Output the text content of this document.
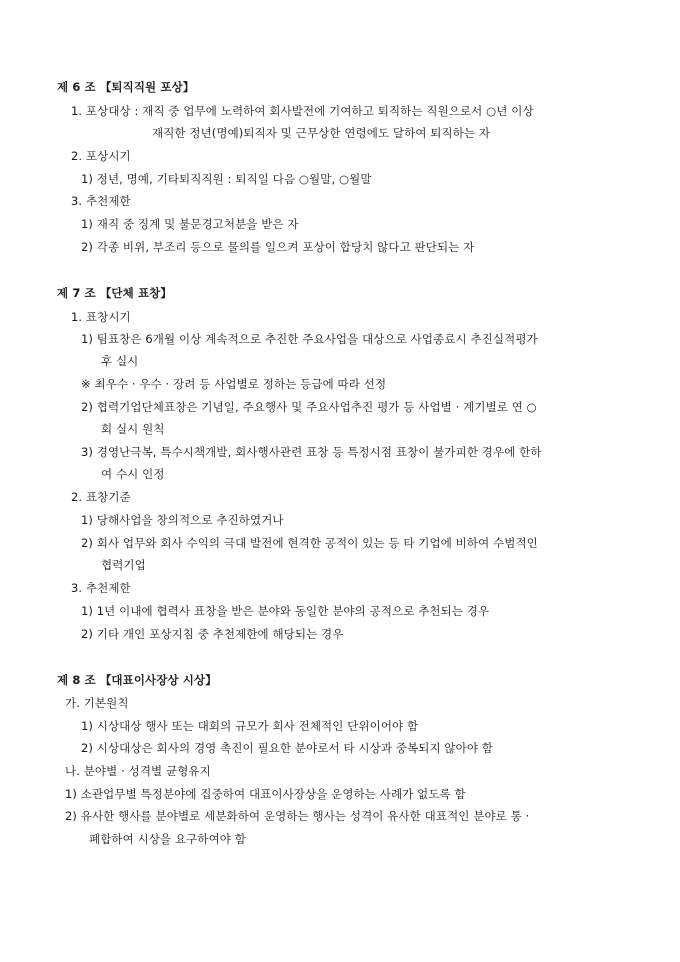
제 6 조 【퇴직직원 포상】
1. 포상대상 : 재직 중 업무에 노력하여 회사발전에 기여하고 퇴직하는 직원으로서 ○년 이상
재직한 정년(명예)퇴직자 및 근무상한 연령에도 달하여 퇴직하는 자
2. 포상시기
1) 정년, 명예, 기타퇴직직원 : 퇴직일 다음 ○월말, ○월말
3. 추천제한
1) 재직 중 징계 및 불문경고처분을 받은 자
2) 각종 비위, 부조리 등으로 물의를 일으켜 포상이 합당치 않다고 판단되는 자
제 7 조 【단체 표창】
1. 표창시기
1) 팀표창은 6개월 이상 계속적으로 추진한 주요사업을 대상으로 사업종료시 추진실적평가
후 실시
※ 최우수 · 우수 · 장려 등 사업별로 정하는 등급에 따라 선정
2) 협력기업단체표창은 기념일, 주요행사 및 주요사업추진 평가 등 사업별 · 계기별로 연 ○
회 실시 원칙
3) 경영난극복, 특수시책개발, 회사행사관련 표창 등 특정시점 표창이 불가피한 경우에 한하
여 수시 인정
2. 표창기준
1) 당해사업을 창의적으로 추진하였거나
2) 회사 업무와 회사 수익의 극대 발전에 현격한 공적이 있는 등 타 기업에 비하여 수범적인
협력기업
3. 추천제한
1) 1년 이내에 협력사 표창을 받은 분야와 동일한 분야의 공적으로 추천되는 경우
2) 기타 개인 포상지침 중 추천제한에 해당되는 경우
제 8 조 【대표이사장상 시상】
가. 기본원칙
1) 시상대상 행사 또는 대회의 규모가 회사 전체적인 단위이어야 함
2) 시상대상은 회사의 경영 촉진이 필요한 분야로서 타 시상과 중복되지 않아야 함
나. 분야별 · 성격별 균형유지
1) 소관업무별 특정분야에 집중하여 대표이사장상을 운영하는 사례가 없도록 함
2) 유사한 행사를 분야별로 세분화하여 운영하는 행사는 성격이 유사한 대표적인 분야로 통 ·
폐합하여 시상을 요구하여야 함
